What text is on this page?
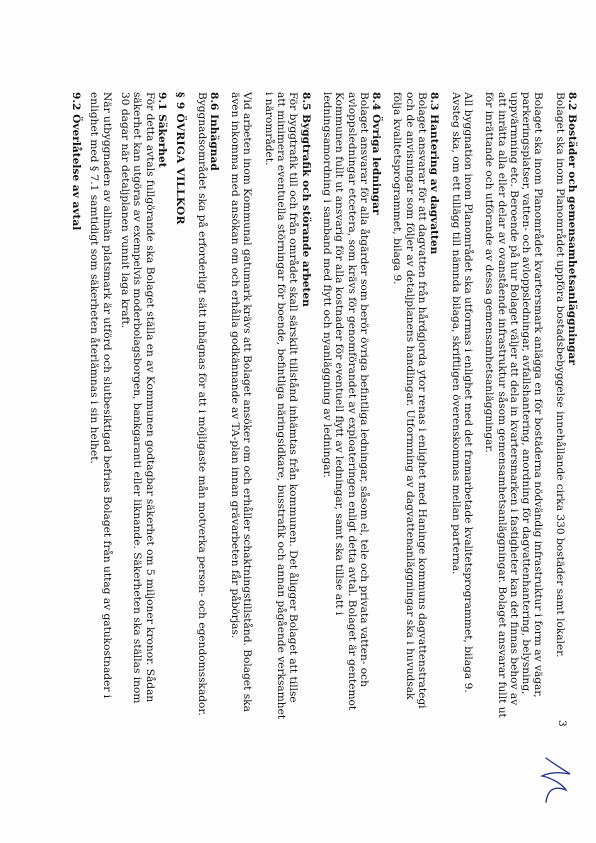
8.2 Bostäder och gemensamhetsanläggningar

Bolaget ska inom Planområdet uppföra bostadsbebyggelse innehållande cirka 330 bostäder samt lokaler.

Bolaget ska inom Planområdet kvartersmark anlägga en för bostäderna nödvändig infrastruktur i form av vägar, parkeringsplatser, vatten- och avloppsledningar, avfallshantering, anordning för dagvattenhantering, belysning, uppvärmning etc. Beroende på hur Bolaget väljer att dela in kvartersmarken i fastigheter kan det finnas behov av att inrätta alla eller delar av ovanstående infrastruktur såsom gemensamhetsanläggningar. Bolaget ansvarar fullt ut för inrättande och utförande av dessa gemensamhetsanläggningar.

All byggnation inom Planområdet ska utformas i enlighet med det framarbetade kvalitetsprogrammet, bilaga 9. Avsteg ska, om ett tillägg till nämnda bilaga, skriftligen överenskommas mellan parterna.

8.3 Hantering av dagvatten

Bolaget ansvarar för att dagvatten från hårdgjorda ytor renas i enlighet med Haninge kommuns dagvattenstrategi och de anvisningar som följer av detaljplanens handlingar. Utformning av dagvattenanläggningar ska i huvudsak följa kvalitetsprogrammet, bilaga 9.

8.4 Övriga ledningar

Bolaget ansvarar för alla åtgärder som berör övriga befintliga ledningar, såsom el, tele och privata vatten- och avloppsledningar etcetera, som krävs för genomförandet av exploateringen enligt detta avtal. Bolaget är gentemot Kommunen fullt ut ansvarig för alla kostnader för eventuell flytt av ledningar, samt ska tillse att i ledningsamordning i samband med flytt och nyanläggning av ledningar.

8.5 Byggtrafik och störande arbeten

För byggtrafik till och från området skall särskilt tillstånd inhämtas från kommunen. Det åligger Bolaget att tillse att minimera eventuella störningar för boende, befintliga näringsidkare, busstrafik och annan pågående verksamhet i närområdet.

Vid arbeten inom Kommunal gatumark krävs att Bolaget ansöker om och erhåller schaktningstillstånd. Bolaget ska även inkomma med ansökan om och erhålla godkännande av TA-plan innan grävarbeten får påbörjas.

8.6 Inhägnad

Byggnadsområdet ska på erforderligt sätt inhägnas för att i möjligaste mån motverka person- och egendomsskador.

§ 9 ÖVRIGA VILLKOR

9.1 Säkerhet

För detta avtals fullgörande ska Bolaget ställa en av Kommunen godtagbar säkerhet om 5 miljoner kronor. Sådan säkerhet kan utgöras av exempelvis moderbolagsborgen, bankgaranti eller liknande. Säkerheten ska ställas inom 30 dagar när detaljplanen vunnit laga kraft.

När utbyggnaden av allmän platsmark är utförd och slutbesiktigad befrias Bolaget från uttag av gatukostnader i enlighet med § 7.1 samtidigt som säkerheten återlämnas i sin helhet.

9.2 Överlåtelse av avtal

3
